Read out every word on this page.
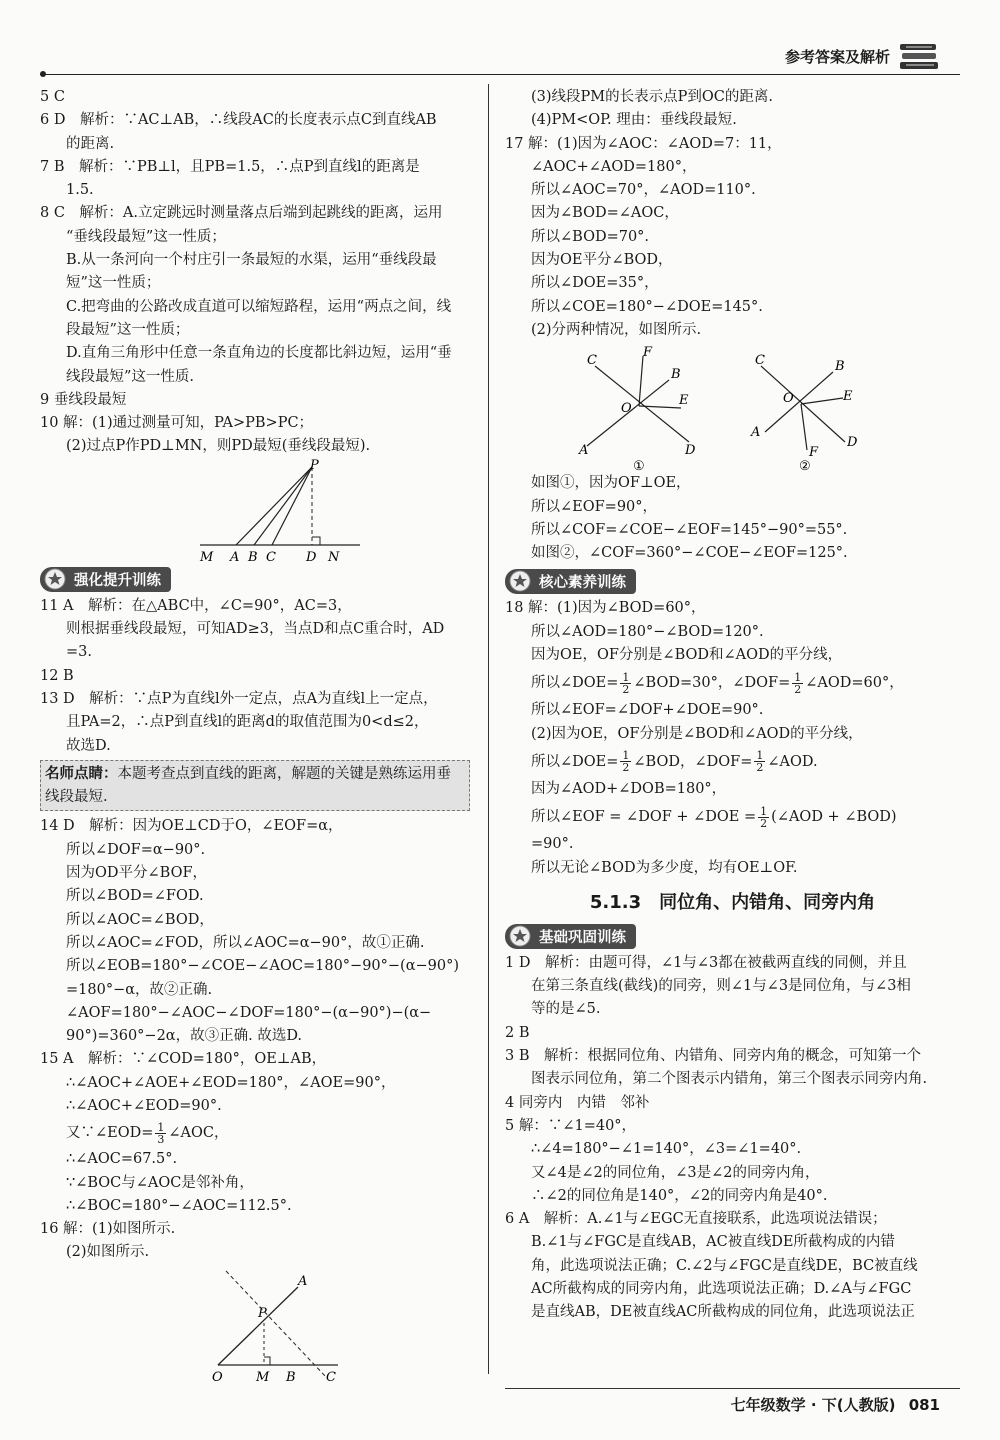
参考答案及解析
5 C
6 D　解析：∵AC⊥AB，∴线段AC的长度表示点C到直线AB
的距离.
7 B　解析：∵PB⊥l，且PB=1.5，∴点P到直线l的距离是
1.5.
8 C　解析：A.立定跳远时测量落点后端到起跳线的距离，运用
“垂线段最短”这一性质；
B.从一条河向一个村庄引一条最短的水渠，运用“垂线段最
短”这一性质；
C.把弯曲的公路改成直道可以缩短路程，运用“两点之间，线
段最短”这一性质；
D.直角三角形中任意一条直角边的长度都比斜边短，运用“垂
线段最短”这一性质.
9 垂线段最短
10 解：(1)通过测量可知，PA>PB>PC；
(2)过点P作PD⊥MN，则PD最短(垂线段最短).
P
M A B C D N
强化提升训练
11 A　解析：在△ABC中，∠C=90°，AC=3，
则根据垂线段最短，可知AD≥3，当点D和点C重合时，AD
=3.
12 B
13 D　解析：∵点P为直线l外一定点，点A为直线l上一定点，
且PA=2，∴点P到直线l的距离d的取值范围为0<d≤2，
故选D.
名师点睛：本题考查点到直线的距离，解题的关键是熟练运用垂线段最短.
14 D　解析：因为OE⊥CD于O，∠EOF=α，
所以∠DOF=α−90°.
因为OD平分∠BOF，
所以∠BOD=∠FOD.
所以∠AOC=∠BOD，
所以∠AOC=∠FOD，所以∠AOC=α−90°，故①正确.
所以∠EOB=180°−∠COE−∠AOC=180°−90°−(α−90°)
=180°−α，故②正确.
∠AOF=180°−∠AOC−∠DOF=180°−(α−90°)−(α−
90°)=360°−2α，故③正确. 故选D.
15 A　解析：∵∠COD=180°，OE⊥AB，
∴∠AOC+∠AOE+∠EOD=180°，∠AOE=90°，
∴∠AOC+∠EOD=90°.
又∵∠EOD= $\frac{1}{3}$ ∠AOC，
∴∠AOC=67.5°.
∵∠BOC与∠AOC是邻补角，
∴∠BOC=180°−∠AOC=112.5°.
16 解：(1)如图所示.
(2)如图所示.
P
A
O	M B C
(3)线段PM的长表示点P到OC的距离.
(4)PM<OP. 理由：垂线段最短.
17 解：(1)因为∠AOC：∠AOD=7：11，
∠AOC+∠AOD=180°，
所以∠AOC=70°，∠AOD=110°.
因为∠BOD=∠AOC，
所以∠BOD=70°.
因为OE平分∠BOD，
所以∠DOE=35°，
所以∠COE=180°−∠DOE=145°.
(2)分两种情况，如图所示.
C
F
B
E
O
A	D
①
C	B
E
O
A
D
F
②
如图①，因为OF⊥OE，
所以∠EOF=90°，
所以∠COF=∠COE−∠EOF=145°−90°=55°.
如图②，∠COF=360°−∠COE−∠EOF=125°.
核心素养训练
18 解：(1)因为∠BOD=60°，
所以∠AOD=180°−∠BOD=120°.
因为OE，OF分别是∠BOD和∠AOD的平分线，
所以∠DOE= $\frac{1}{2}$ ∠BOD=30°，∠DOF= $\frac{1}{2}$ ∠AOD=60°，
所以∠EOF=∠DOF+∠DOE=90°.
(2)因为OE，OF分别是∠BOD和∠AOD的平分线，
所以∠DOE= $\frac{1}{2}$ ∠BOD，∠DOF= $\frac{1}{2}$ ∠AOD.
因为∠AOD+∠DOB=180°，
所以∠EOF = ∠DOF + ∠DOE = $\frac{1}{2}$ (∠AOD + ∠BOD)
=90°.
所以无论∠BOD为多少度，均有OE⊥OF.
5.1.3　同位角、内错角、同旁内角
基础巩固训练
1 D　解析：由题可得，∠1与∠3都在被截两直线的同侧，并且
在第三条直线(截线)的同旁，则∠1与∠3是同位角，与∠3相
等的是∠5.
2 B
3 B　解析：根据同位角、内错角、同旁内角的概念，可知第一个
图表示同位角，第二个图表示内错角，第三个图表示同旁内角.
4 同旁内　内错　邻补
5 解：∵∠1=40°，
∴∠4=180°−∠1=140°，∠3=∠1=40°.
又∠4是∠2的同位角，∠3是∠2的同旁内角，
∴∠2的同位角是140°，∠2的同旁内角是40°.
6 A　解析：A.∠1与∠EGC无直接联系，此选项说法错误；
B.∠1与∠FGC是直线AB，AC被直线DE所截构成的内错
角，此选项说法正确；C.∠2与∠FGC是直线DE，BC被直线
AC所截构成的同旁内角，此选项说法正确；D.∠A与∠FGC
是直线AB，DE被直线AC所截构成的同位角，此选项说法正
七年级数学 · 下(人教版) 081
